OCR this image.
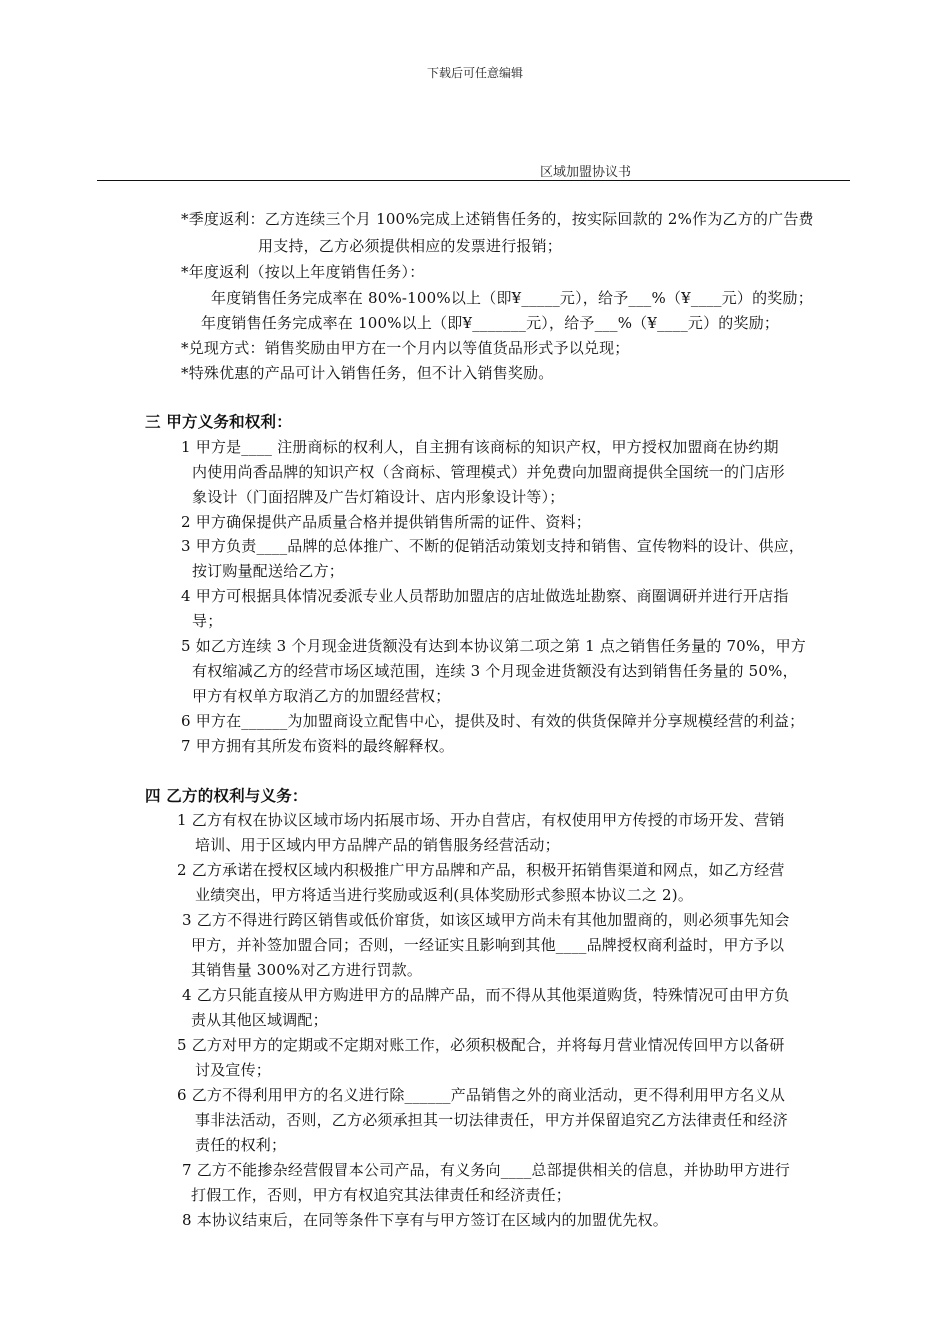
下载后可任意编辑
区域加盟协议书
*季度返利：乙方连续三个月 100%完成上述销售任务的，按实际回款的 2%作为乙方的广告费
用支持，乙方必须提供相应的发票进行报销；
*年度返利（按以上年度销售任务）：
年度销售任务完成率在 80%-100%以上（即¥_____元），给予___%（¥____元）的奖励；
年度销售任务完成率在 100%以上（即¥_______元），给予___%（¥____元）的奖励；
*兑现方式：销售奖励由甲方在一个月内以等值货品形式予以兑现；
*特殊优惠的产品可计入销售任务，但不计入销售奖励。
三 甲方义务和权利：
1 甲方是____ 注册商标的权利人，自主拥有该商标的知识产权，甲方授权加盟商在协约期
内使用尚香品牌的知识产权（含商标、管理模式）并免费向加盟商提供全国统一的门店形
象设计（门面招牌及广告灯箱设计、店内形象设计等）；
2 甲方确保提供产品质量合格并提供销售所需的证件、资料；
3 甲方负责____品牌的总体推广、不断的促销活动策划支持和销售、宣传物料的设计、供应，
按订购量配送给乙方；
4 甲方可根据具体情况委派专业人员帮助加盟店的店址做选址勘察、商圈调研并进行开店指
导；
5 如乙方连续 3 个月现金进货额没有达到本协议第二项之第 1 点之销售任务量的 70%，甲方
有权缩减乙方的经营市场区域范围，连续 3 个月现金进货额没有达到销售任务量的 50%，
甲方有权单方取消乙方的加盟经营权；
6 甲方在______为加盟商设立配售中心，提供及时、有效的供货保障并分享规模经营的利益；
7 甲方拥有其所发布资料的最终解释权。
四 乙方的权利与义务：
1 乙方有权在协议区域市场内拓展市场、开办自营店，有权使用甲方传授的市场开发、营销
培训、用于区域内甲方品牌产品的销售服务经营活动；
2 乙方承诺在授权区域内积极推广甲方品牌和产品，积极开拓销售渠道和网点，如乙方经营
业绩突出，甲方将适当进行奖励或返利(具体奖励形式参照本协议二之 2)。
3 乙方不得进行跨区销售或低价窜货，如该区域甲方尚未有其他加盟商的，则必须事先知会
甲方，并补签加盟合同；否则，一经证实且影响到其他____品牌授权商利益时，甲方予以
其销售量 300%对乙方进行罚款。
4 乙方只能直接从甲方购进甲方的品牌产品，而不得从其他渠道购货，特殊情况可由甲方负
责从其他区域调配；
5 乙方对甲方的定期或不定期对账工作，必须积极配合，并将每月营业情况传回甲方以备研
讨及宣传；
6 乙方不得利用甲方的名义进行除______产品销售之外的商业活动，更不得利用甲方名义从
事非法活动，否则，乙方必须承担其一切法律责任，甲方并保留追究乙方法律责任和经济
责任的权利；
7 乙方不能掺杂经营假冒本公司产品，有义务向____总部提供相关的信息，并协助甲方进行
打假工作，否则，甲方有权追究其法律责任和经济责任；
8 本协议结束后，在同等条件下享有与甲方签订在区域内的加盟优先权。
